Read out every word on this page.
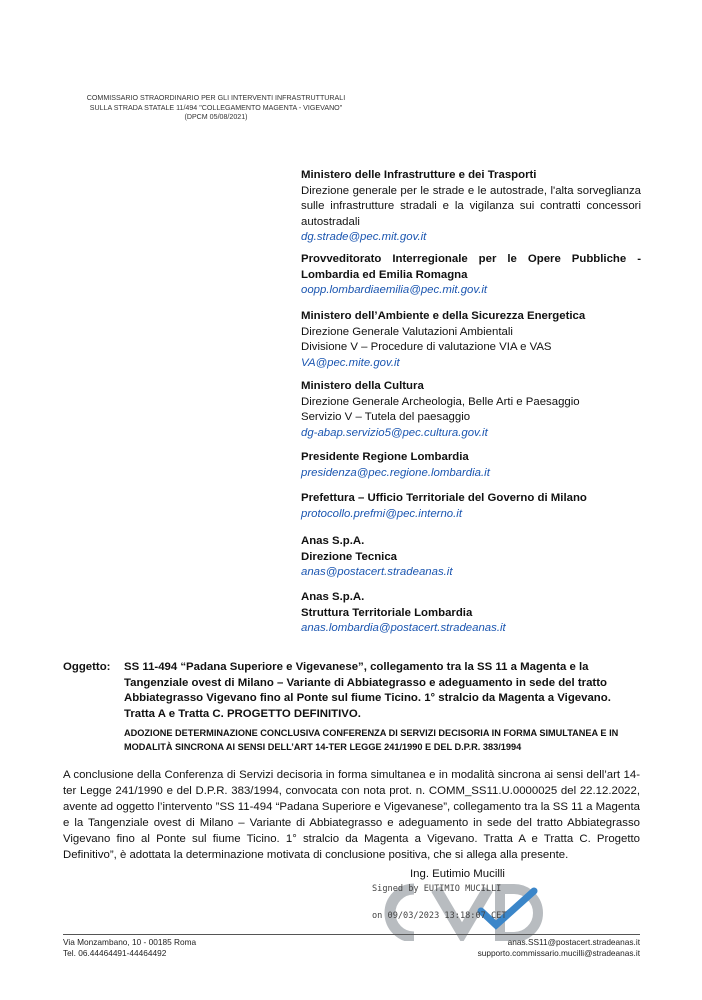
COMMISSARIO STRAORDINARIO PER GLI INTERVENTI INFRASTRUTTURALI
SULLA STRADA STATALE 11/494 "COLLEGAMENTO MAGENTA - VIGEVANO"
(DPCM 05/08/2021)
Ministero delle Infrastrutture e dei Trasporti
Direzione generale per le strade e le autostrade, l'alta sorveglianza sulle infrastrutture stradali e la vigilanza sui contratti concessori autostradali
dg.strade@pec.mit.gov.it
Provveditorato Interregionale per le Opere Pubbliche - Lombardia ed Emilia Romagna
oopp.lombardiaemilia@pec.mit.gov.it
Ministero dell’Ambiente e della Sicurezza Energetica
Direzione Generale Valutazioni Ambientali
Divisione V – Procedure di valutazione VIA e VAS
VA@pec.mite.gov.it
Ministero della Cultura
Direzione Generale Archeologia, Belle Arti e Paesaggio
Servizio V – Tutela del paesaggio
dg-abap.servizio5@pec.cultura.gov.it
Presidente Regione Lombardia
presidenza@pec.regione.lombardia.it
Prefettura – Ufficio Territoriale del Governo di Milano
protocollo.prefmi@pec.interno.it
Anas S.p.A.
Direzione Tecnica
anas@postacert.stradeanas.it
Anas S.p.A.
Struttura Territoriale Lombardia
anas.lombardia@postacert.stradeanas.it
Oggetto: SS 11-494 “Padana Superiore e Vigevanese”, collegamento tra la SS 11 a Magenta e la Tangenziale ovest di Milano – Variante di Abbiategrasso e adeguamento in sede del tratto Abbiategrasso Vigevano fino al Ponte sul fiume Ticino. 1° stralcio da Magenta a Vigevano. Tratta A e Tratta C. PROGETTO DEFINITIVO.
ADOZIONE DETERMINAZIONE CONCLUSIVA CONFERENZA DI SERVIZI DECISORIA IN FORMA SIMULTANEA E IN MODALITÀ SINCRONA AI SENSI DELL’ART 14-TER LEGGE 241/1990 E DEL D.P.R. 383/1994
A conclusione della Conferenza di Servizi decisoria in forma simultanea e in modalità sincrona ai sensi dell’art 14-ter Legge 241/1990 e del D.P.R. 383/1994, convocata con nota prot. n. COMM_SS11.U.0000025 del 22.12.2022, avente ad oggetto l’intervento ”SS 11-494 “Padana Superiore e Vigevanese”, collegamento tra la SS 11 a Magenta e la Tangenziale ovest di Milano – Variante di Abbiategrasso e adeguamento in sede del tratto Abbiategrasso Vigevano fino al Ponte sul fiume Ticino. 1° stralcio da Magenta a Vigevano. Tratta A e Tratta C. Progetto Definitivo”, è adottata la determinazione motivata di conclusione positiva, che si allega alla presente.
Ing. Eutimio Mucilli
Signed by EUTIMIO MUCILLI
on 09/03/2023 13:18:07 CET
Via Monzambano, 10 - 00185 Roma
Tel. 06.44464491-44464492
anas.SS11@postacert.stradeanas.it
supporto.commissario.mucilli@stradeanas.it
